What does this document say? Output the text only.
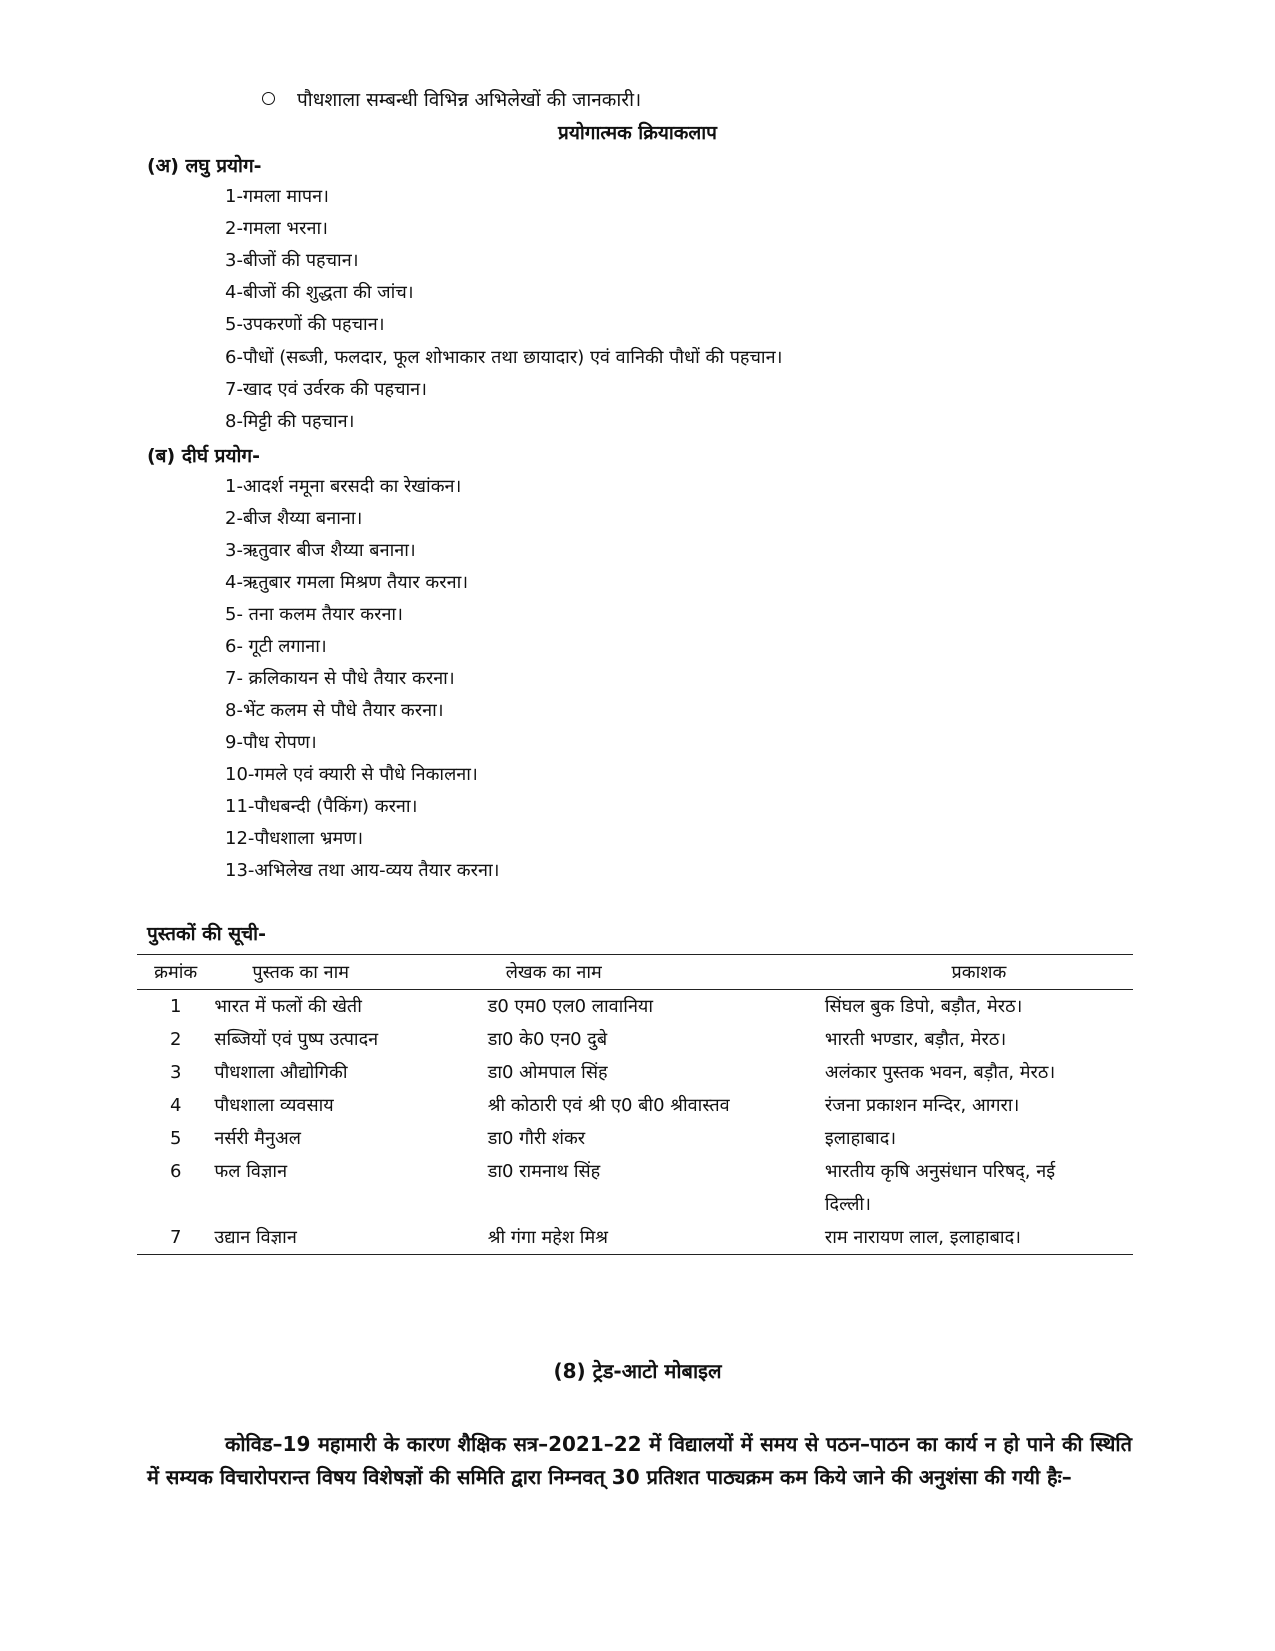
पौधशाला सम्बन्धी विभिन्न अभिलेखों की जानकारी।
प्रयोगात्मक क्रियाकलाप
(अ) लघु प्रयोग-
1-गमला मापन।
2-गमला भरना।
3-बीजों की पहचान।
4-बीजों की शुद्धता की जांच।
5-उपकरणों की पहचान।
6-पौधों (सब्जी, फलदार, फूल शोभाकार तथा छायादार) एवं वानिकी पौधों की पहचान।
7-खाद एवं उर्वरक की पहचान।
8-मिट्टी की पहचान।
(ब) दीर्घ प्रयोग-
1-आदर्श नमूना बरसदी का रेखांकन।
2-बीज शैय्या बनाना।
3-ऋतुवार बीज शैय्या बनाना।
4-ऋतुबार गमला मिश्रण तैयार करना।
5- तना कलम तैयार करना।
6- गूटी लगाना।
7- क्रलिकायन से पौधे तैयार करना।
8-भेंट कलम से पौधे तैयार करना।
9-पौध रोपण।
10-गमले एवं क्यारी से पौधे निकालना।
11-पौधबन्दी (पैकिंग) करना।
12-पौधशाला भ्रमण।
13-अभिलेख तथा आय-व्यय तैयार करना।
पुस्तकों की सूची-
क्रमांक	पुस्तक का नाम	लेखक का नाम	प्रकाशक
1	भारत में फलों की खेती	ड0 एम0 एल0 लावानिया	सिंघल बुक डिपो, बड़ौत, मेरठ।
2	सब्जियों एवं पुष्प उत्पादन	डा0 के0 एन0 दुबे	भारती भण्डार, बड़ौत, मेरठ।
3	पौधशाला औद्योगिकी	डा0 ओमपाल सिंह	अलंकार पुस्तक भवन, बड़ौत, मेरठ।
4	पौधशाला व्यवसाय	श्री कोठारी एवं श्री ए0 बी0 श्रीवास्तव	रंजना प्रकाशन मन्दिर, आगरा।
5	नर्सरी मैनुअल	डा0 गौरी शंकर	इलाहाबाद।
6	फल विज्ञान	डा0 रामनाथ सिंह	भारतीय कृषि अनुसंधान परिषद्, नई
दिल्ली।

7	उद्यान विज्ञान	श्री गंगा महेश मिश्र	राम नारायण लाल, इलाहाबाद।
(8) ट्रेड-आटो मोबाइल
कोविड–19 महामारी के कारण शैक्षिक सत्र–2021–22 में विद्यालयों में समय से पठन–पाठन का कार्य न हो पाने की स्थिति में सम्यक विचारोपरान्त विषय विशेषज्ञों की समिति द्वारा निम्नवत् 30 प्रतिशत पाठ्यक्रम कम किये जाने की अनुशंसा की गयी हैः–
